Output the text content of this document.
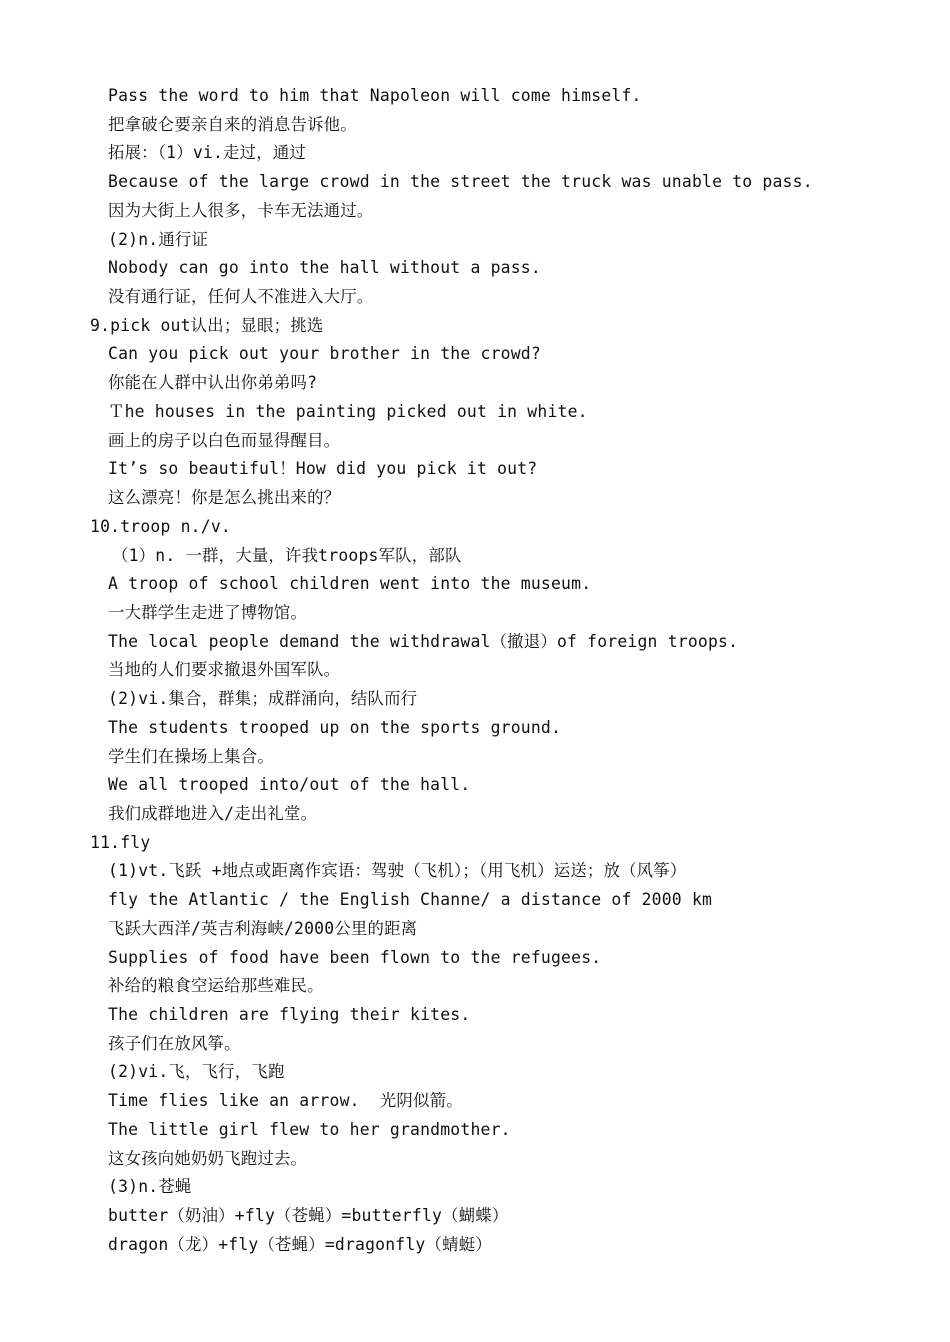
Pass the word to him that Napoleon will come himself.
把拿破仑要亲自来的消息告诉他。
拓展：（1）vi.走过，通过
Because of the large crowd in the street the truck was unable to pass.
因为大街上人很多，卡车无法通过。
(2)n.通行证
Nobody can go into the hall without a pass.
没有通行证，任何人不准进入大厅。
9.pick out认出；显眼；挑选
Can you pick out your brother in the crowd?
你能在人群中认出你弟弟吗?
Ｔhe houses in the painting picked out in white.
画上的房子以白色而显得醒目。
It’s so beautiful！How did you pick it out?
这么漂亮！你是怎么挑出来的？
10.troop n./v.
（1）n. 一群，大量，许我troops军队，部队
A troop of school children went into the museum.
一大群学生走进了博物馆。
The local people demand the withdrawal（撤退）of foreign troops.
当地的人们要求撤退外国军队。
(2)vi.集合，群集；成群涌向，结队而行
The students trooped up on the sports ground.
学生们在操场上集合。
We all trooped into/out of the hall.
我们成群地进入/走出礼堂。
11.fly
(1)vt.飞跃 +地点或距离作宾语：驾驶（飞机）；（用飞机）运送；放（风筝）
fly the Atlantic / the English Channe/ a distance of 2000 km
飞跃大西洋/英吉利海峡/2000公里的距离
Supplies of food have been flown to the refugees.
补给的粮食空运给那些难民。
The children are flying their kites.
孩子们在放风筝。
(2)vi.飞，飞行，飞跑
Time flies like an arrow.  光阴似箭。
The little girl flew to her grandmother.
这女孩向她奶奶飞跑过去。
(3)n.苍蝇
butter（奶油）+fly（苍蝇）=butterfly（蝴蝶）
dragon（龙）+fly（苍蝇）=dragonfly（蜻蜓）
